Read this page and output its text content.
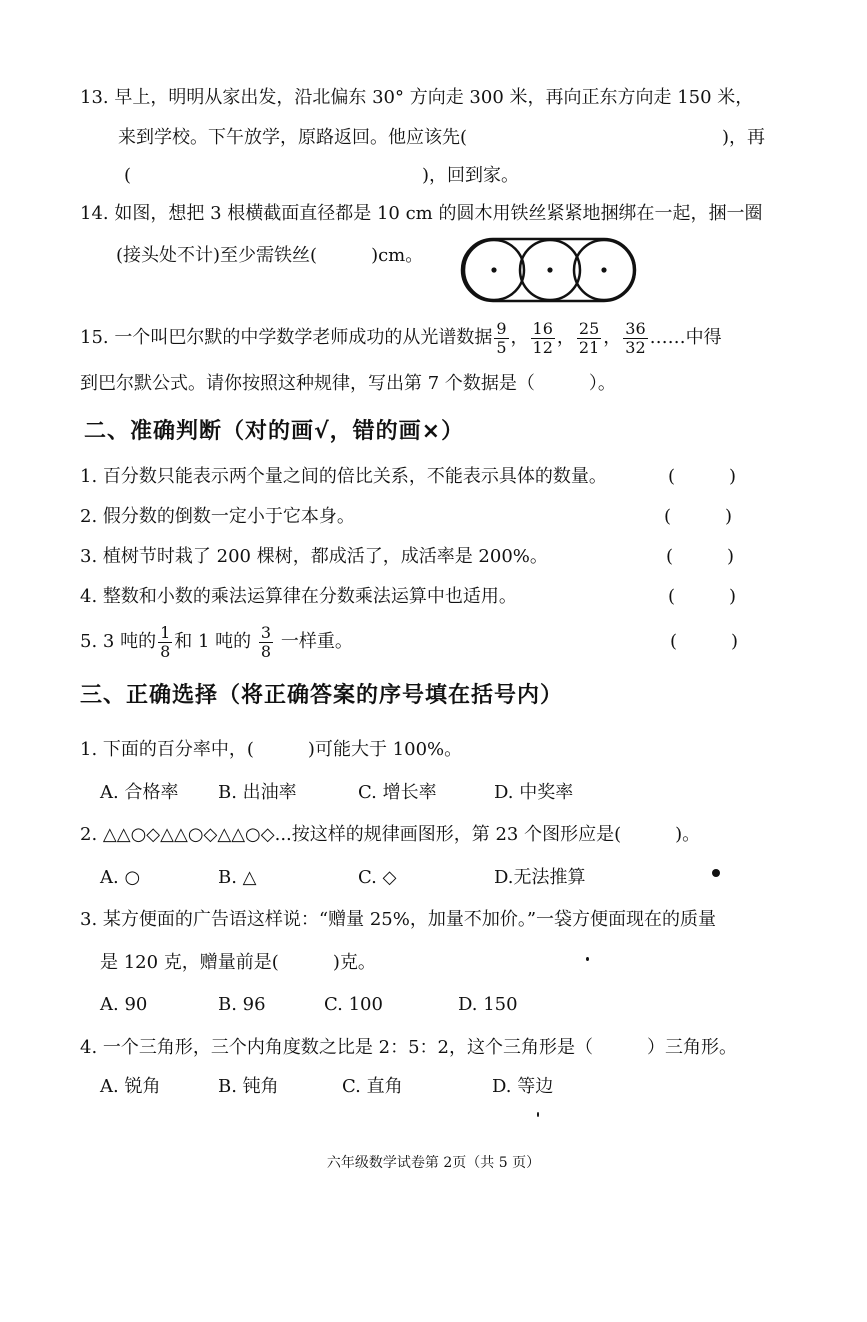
13. 早上，明明从家出发，沿北偏东 30° 方向走 300 米，再向正东方向走 150 米，
来到学校。下午放学，原路返回。他应该先(	)，再
(	)，回到家。
14. 如图，想把 3 根横截面直径都是 10 cm 的圆木用铁丝紧紧地捆绑在一起，捆一圈
(接头处不计)至少需铁丝(　　　)cm。
15. 一个叫巴尔默的中学数学老师成功的从光谱数据 $\frac{9}{5}$ ， $\frac{16}{12}$ ， $\frac{25}{21}$ ， $\frac{36}{32}$ ……中得
到巴尔默公式。请你按照这种规律，写出第 7 个数据是（　　　）。
二、准确判断（对的画√，错的画×）
1. 百分数只能表示两个量之间的倍比关系，不能表示具体的数量。	(　　　)
2. 假分数的倒数一定小于它本身。	(　　　)
3. 植树节时栽了 200 棵树，都成活了，成活率是 200%。	(　　　)
4. 整数和小数的乘法运算律在分数乘法运算中也适用。	(　　　)
5. 3 吨的 $\frac{1}{8}$ 和 1 吨的 $\frac{3}{8}$ 一样重。	(　　　)
三、正确选择（将正确答案的序号填在括号内）
1. 下面的百分率中，(　　　)可能大于 100%。
A. 合格率 B. 出油率	C. 增长率	D. 中奖率
2. △△○◇△△○◇△△○◇...按这样的规律画图形，第 23 个图形应是(　　　)。
A. ○	B. △	C. ◇	D.无法推算
3. 某方便面的广告语这样说：“赠量 25%，加量不加价。”一袋方便面现在的质量
是 120 克，赠量前是(　　　)克。
A. 90	B. 96	C. 100	D. 150
4. 一个三角形，三个内角度数之比是 2：5：2，这个三角形是（　　　）三角形。
A. 锐角	B. 钝角	C. 直角	D. 等边
六年级数学试卷第 2页（共 5 页）
